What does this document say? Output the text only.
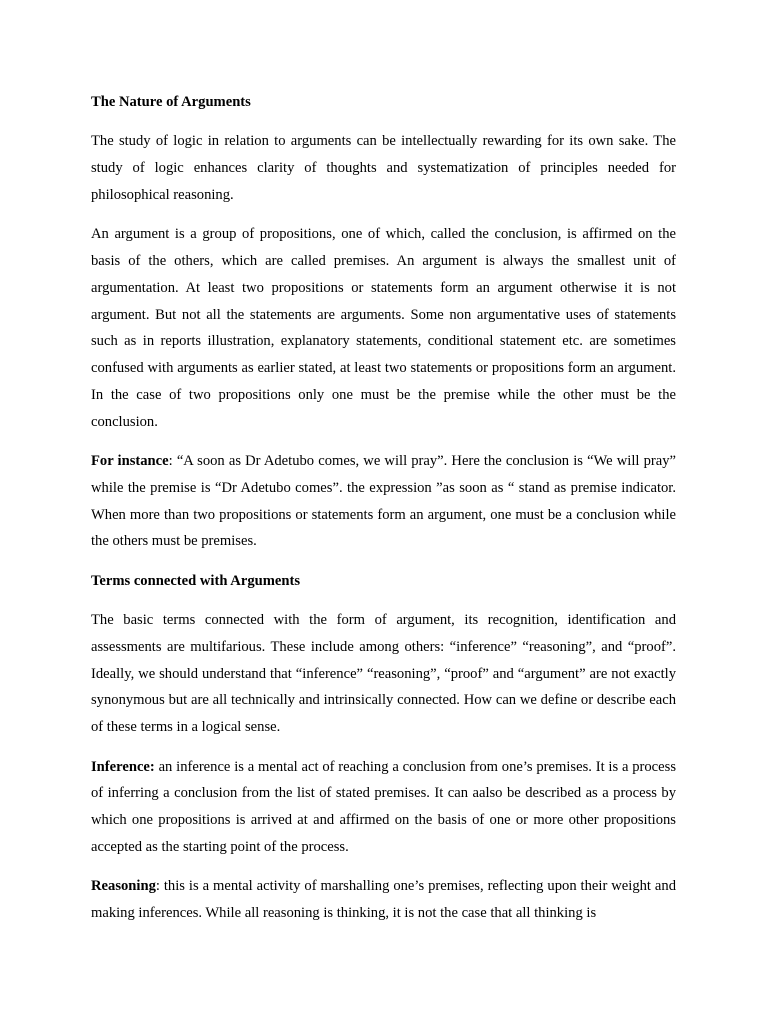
The Nature of Arguments

The study of logic in relation to arguments can be intellectually rewarding for its own sake. The study of logic enhances clarity of thoughts and systematization of principles needed for philosophical reasoning.

An argument is a group of propositions, one of which, called the conclusion, is affirmed on the basis of the others, which are called premises. An argument is always the smallest unit of argumentation. At least two propositions or statements form an argument otherwise it is not argument. But not all the statements are arguments. Some non argumentative uses of statements such as in reports illustration, explanatory statements, conditional statement etc. are sometimes confused with arguments as earlier stated, at least two statements or propositions form an argument. In the case of two propositions only one must be the premise while the other must be the conclusion.

For instance: “A soon as Dr Adetubo comes, we will pray”. Here the conclusion is “We will pray” while the premise is “Dr Adetubo comes”. the expression ”as soon as “ stand as premise indicator. When more than two propositions or statements form an argument, one must be a conclusion while the others must be premises.

Terms connected with Arguments

The basic terms connected with the form of argument, its recognition, identification and assessments are multifarious. These include among others: “inference” “reasoning”, and “proof”. Ideally, we should understand that “inference” “reasoning”, “proof” and “argument” are not exactly synonymous but are all technically and intrinsically connected. How can we define or describe each of these terms in a logical sense.

Inference: an inference is a mental act of reaching a conclusion from one’s premises. It is a process of inferring a conclusion from the list of stated premises. It can aalso be described as a process by which one propositions is arrived at and affirmed on the basis of one or more other propositions accepted as the starting point of the process.

Reasoning: this is a mental activity of marshalling one’s premises, reflecting upon their weight and making inferences. While all reasoning is thinking, it is not the case that all thinking is
